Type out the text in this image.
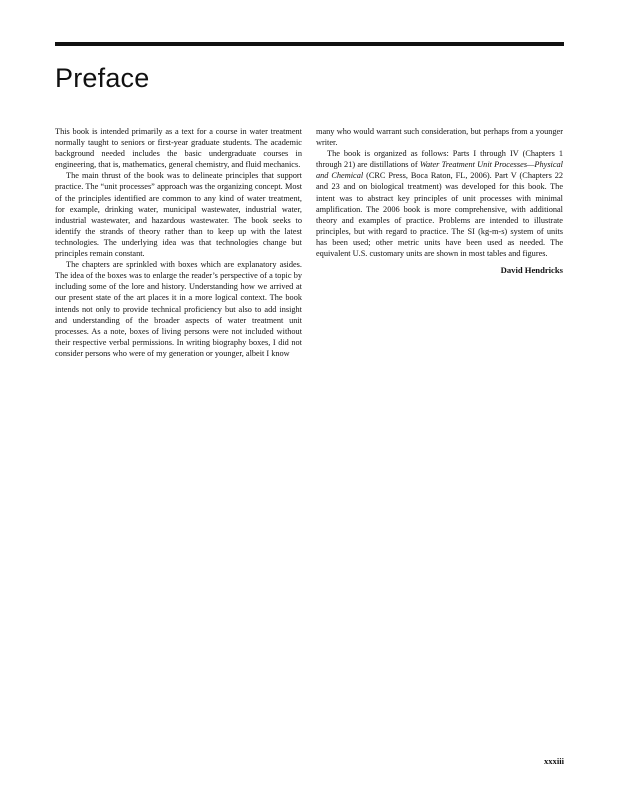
Preface

This book is intended primarily as a text for a course in water treatment normally taught to seniors or first-year graduate students. The academic background needed includes the basic undergraduate courses in engineering, that is, mathematics, general chemistry, and fluid mechanics.

The main thrust of the book was to delineate principles that support practice. The “unit processes” approach was the organizing concept. Most of the principles identified are common to any kind of water treatment, for example, drinking water, municipal wastewater, industrial water, industrial wastewater, and hazardous wastewater. The book seeks to identify the strands of theory rather than to keep up with the latest technologies. The underlying idea was that technologies change but principles remain constant.

The chapters are sprinkled with boxes which are explanatory asides. The idea of the boxes was to enlarge the reader’s perspective of a topic by including some of the lore and history. Understanding how we arrived at our present state of the art places it in a more logical context. The book intends not only to provide technical proficiency but also to add insight and understanding of the broader aspects of water treatment unit processes. As a note, boxes of living persons were not included without their respective verbal permissions. In writing biography boxes, I did not consider persons who were of my generation or younger, albeit I know

many who would warrant such consideration, but perhaps from a younger writer.

The book is organized as follows: Parts I through IV (Chapters 1 through 21) are distillations of Water Treatment Unit Processes—Physical and Chemical (CRC Press, Boca Raton, FL, 2006). Part V (Chapters 22 and 23 and on biological treatment) was developed for this book. The intent was to abstract key principles of unit processes with minimal amplification. The 2006 book is more comprehensive, with additional theory and examples of practice. Problems are intended to illustrate principles, but with regard to practice. The SI (kg-m-s) system of units has been used; other metric units have been used as needed. The equivalent U.S. customary units are shown in most tables and figures.

David Hendricks
xxxiii
